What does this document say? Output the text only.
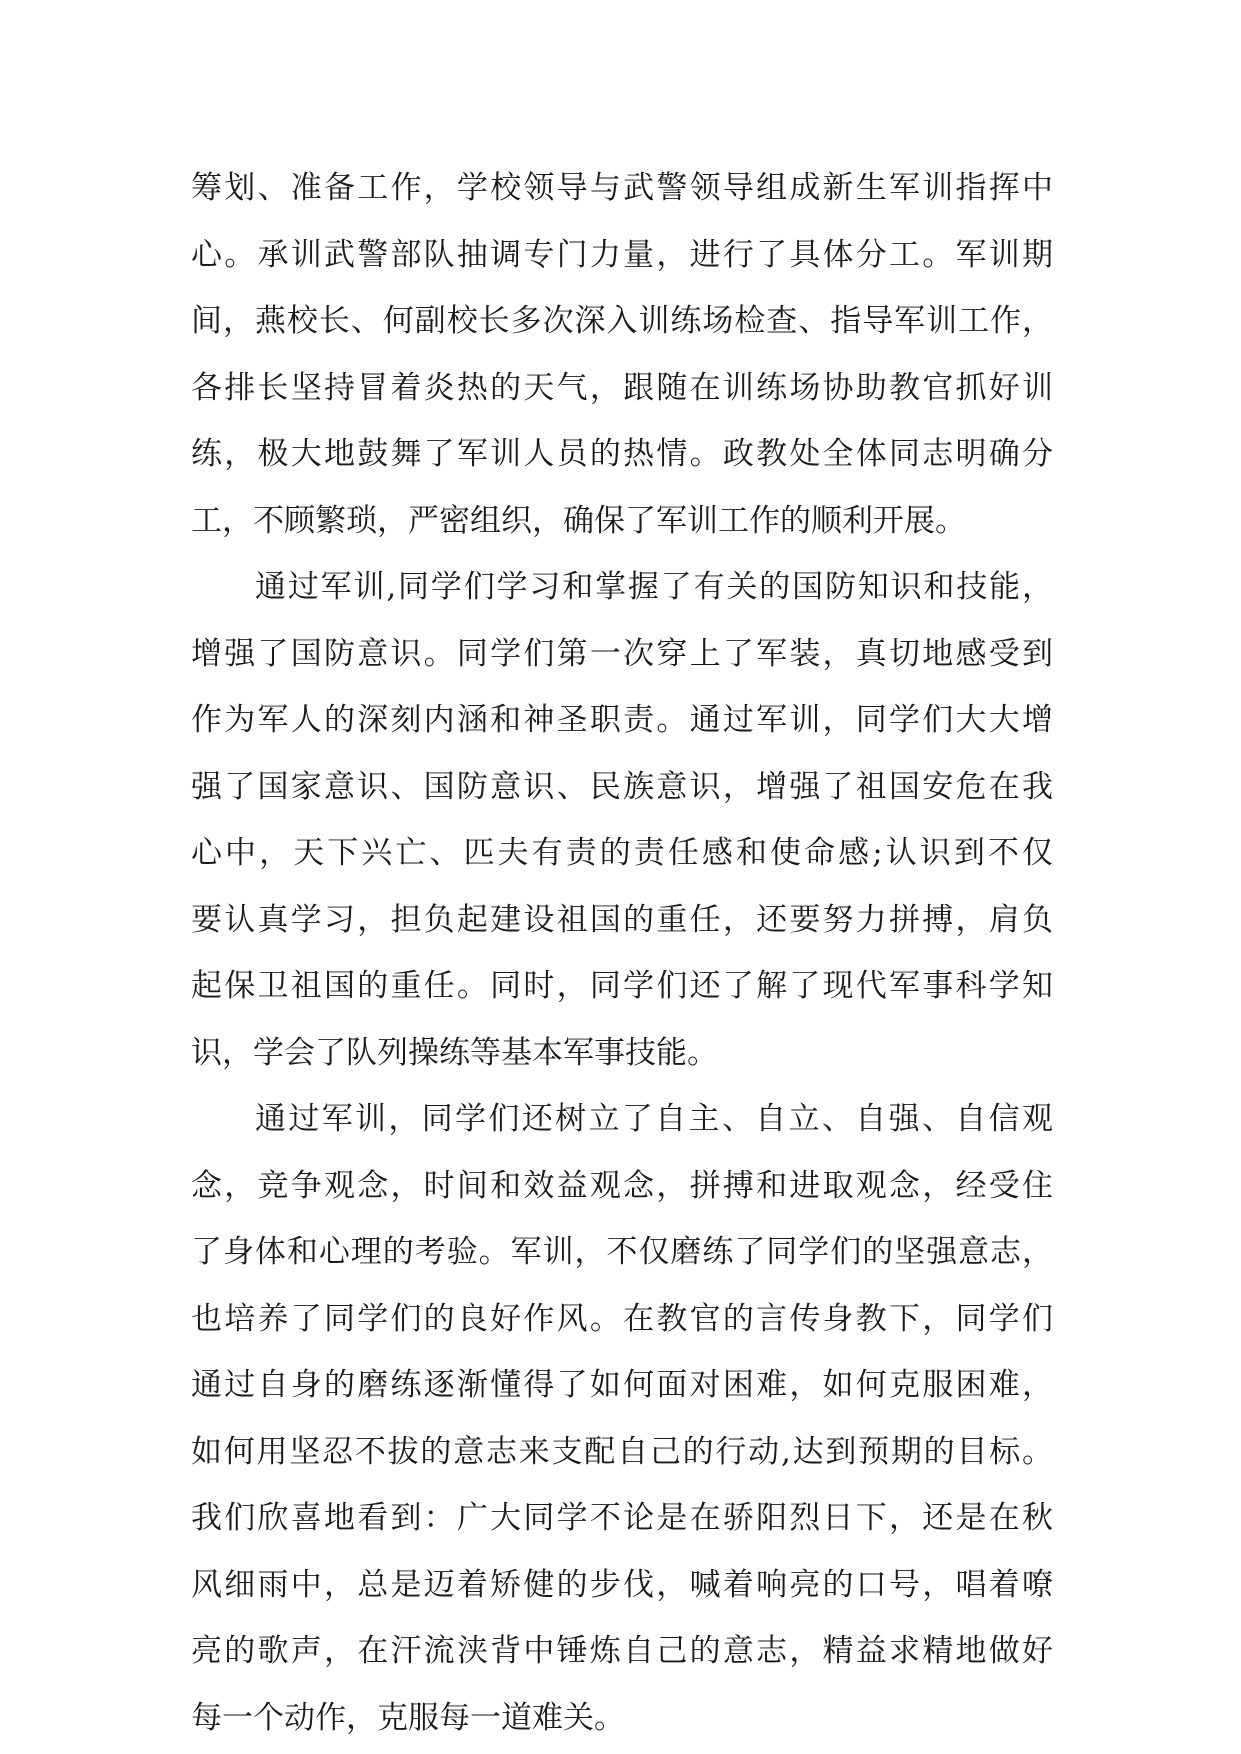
筹划、准备工作，学校领导与武警领导组成新生军训指挥中
心。承训武警部队抽调专门力量，进行了具体分工。军训期
间，燕校长、何副校长多次深入训练场检查、指导军训工作，
各排长坚持冒着炎热的天气，跟随在训练场协助教官抓好训
练，极大地鼓舞了军训人员的热情。政教处全体同志明确分
工，不顾繁琐，严密组织，确保了军训工作的顺利开展。
通过军训,同学们学习和掌握了有关的国防知识和技能，
增强了国防意识。同学们第一次穿上了军装，真切地感受到
作为军人的深刻内涵和神圣职责。通过军训，同学们大大增
强了国家意识、国防意识、民族意识，增强了祖国安危在我
心中，天下兴亡、匹夫有责的责任感和使命感;认识到不仅
要认真学习，担负起建设祖国的重任，还要努力拼搏，肩负
起保卫祖国的重任。同时，同学们还了解了现代军事科学知
识，学会了队列操练等基本军事技能。
通过军训，同学们还树立了自主、自立、自强、自信观
念，竞争观念，时间和效益观念，拼搏和进取观念，经受住
了身体和心理的考验。军训，不仅磨练了同学们的坚强意志，
也培养了同学们的良好作风。在教官的言传身教下，同学们
通过自身的磨练逐渐懂得了如何面对困难，如何克服困难，
如何用坚忍不拔的意志来支配自己的行动,达到预期的目标。
我们欣喜地看到：广大同学不论是在骄阳烈日下，还是在秋
风细雨中，总是迈着矫健的步伐，喊着响亮的口号，唱着嘹
亮的歌声，在汗流浃背中锤炼自己的意志，精益求精地做好
每一个动作，克服每一道难关。
